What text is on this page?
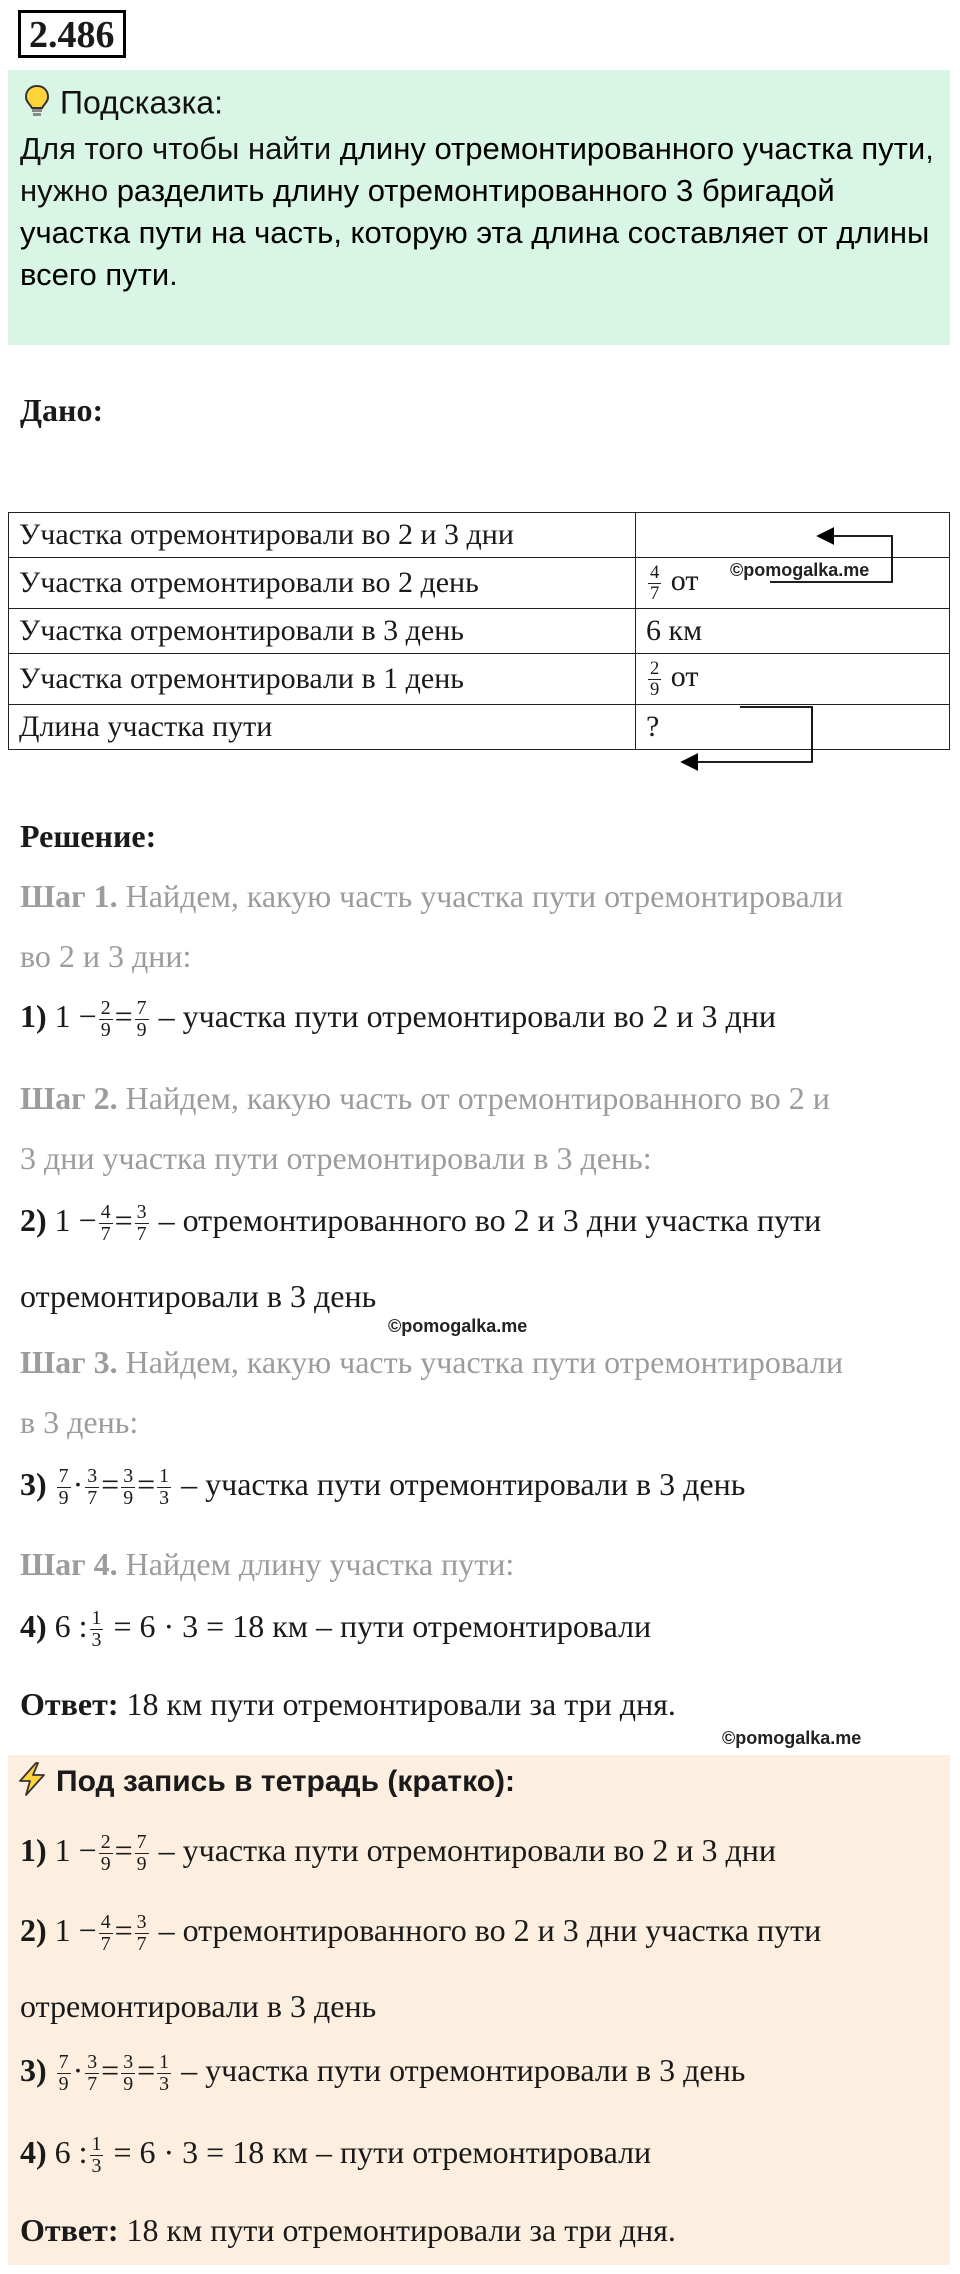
2.486
Подсказка:
Для того чтобы найти длину отремонтированного участка пути, нужно разделить длину отремонтированного 3 бригадой участка пути на часть, которую эта длина составляет от длины всего пути.
Дано:
Участка отремонтировали во 2 и 3 дни	
Участка отремонтировали во 2 день	$\frac{4}{7}$ от
Участка отремонтировали в 3 день	6 км
Участка отремонтировали в 1 день	$\frac{2}{9}$ от
Длина участка пути	?
©pomogalka.me
Решение:
Шаг 1. Найдем, какую часть участка пути отремонтировали
во 2 и 3 дни:
1) $1 - \frac{2}{9} = \frac{7}{9}$ – участка пути отремонтировали во 2 и 3 дни
Шаг 2. Найдем, какую часть от отремонтированного во 2 и
3 дни участка пути отремонтировали в 3 день:
2) $1 - \frac{4}{7} = \frac{3}{7}$ – отремонтированного во 2 и 3 дни участка пути
отремонтировали в 3 день
©pomogalka.me
Шаг 3. Найдем, какую часть участка пути отремонтировали
в 3 день:
$3) \frac{7}{9} \cdot \frac{3}{7} = \frac{3}{9} = \frac{1}{3}$ – участка пути отремонтировали в 3 день
Шаг 4. Найдем длину участка пути:
4) 6 : $\frac{1}{3} = 6 \cdot 3 = 18$ км – пути отремонтировали
Ответ: 18 км пути отремонтировали за три дня.
©pomogalka.me
Под запись в тетрадь (кратко):
1) $1 - \frac{2}{9} = \frac{7}{9}$ – участка пути отремонтировали во 2 и 3 дни
2) $1 - \frac{4}{7} = \frac{3}{7}$ – отремонтированного во 2 и 3 дни участка пути
отремонтировали в 3 день
$3) \frac{7}{9} \cdot \frac{3}{7} = \frac{3}{9} = \frac{1}{3}$ – участка пути отремонтировали в 3 день
4) 6 : $\frac{1}{3} = 6 \cdot 3 = 18$ км – пути отремонтировали
Ответ: 18 км пути отремонтировали за три дня.
